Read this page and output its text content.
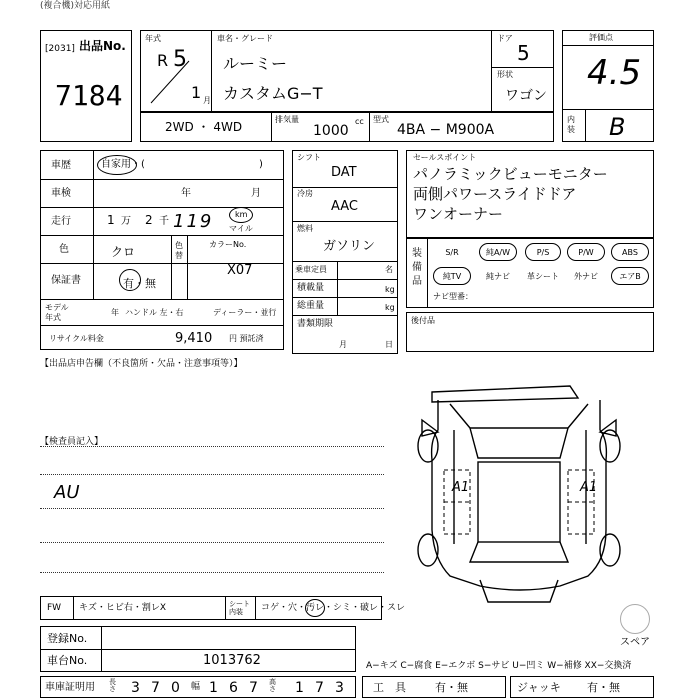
(複合機)対応用紙
[2031] 出品No.
7184
年式
R 5
1 月
車名・グレード
ルーミー
カスタムG−T
ドア
5
形状
ワゴン
評価点
4.5
内装 B
2WD ・ 4WD
排気量
1000
cc 型式
4BA − M900A
車歴	自家用・(	)
車検	年	月
走行	1 万 2 千 119	km
マイル
色	クロ	色替
カラーNo.
X07
保証書	有・無
モデル年式
年 ハンドル 左・右	ディーラー・並行
リサイクル料金	9,410 円 預託済
シフト
DAT
冷房
AAC
燃料
ガソリン
乗車定員	名
積載量	kg
総重量	kg
書類期限
月	日
セールスポイント
パノラミックビューモニター
両側パワースライドドア
ワンオーナー
装備品
S/R	純A/W	P/S	P/W	ABS
純TV	純ナビ	革シート	外ナビ	エアB
ナビ型番：
後付品
【出品店申告欄（不良箇所・欠品・注意事項等）】
【検査員記入】
AU	A1	A1
スペア
FW キズ・ヒビ右・割レX	シート内装	コゲ・穴・汚レ・シミ・破レ・スレ
登録No.
車台No.	1013762	A−キズ C−腐食 E−エクボ S−サビ U−凹ミ W−補修 XX−交換済
車庫証明用 長さ 3 7 0 幅 1 6 7 高さ 1 7 3	工　具	有・無	ジャッキ 有・無
